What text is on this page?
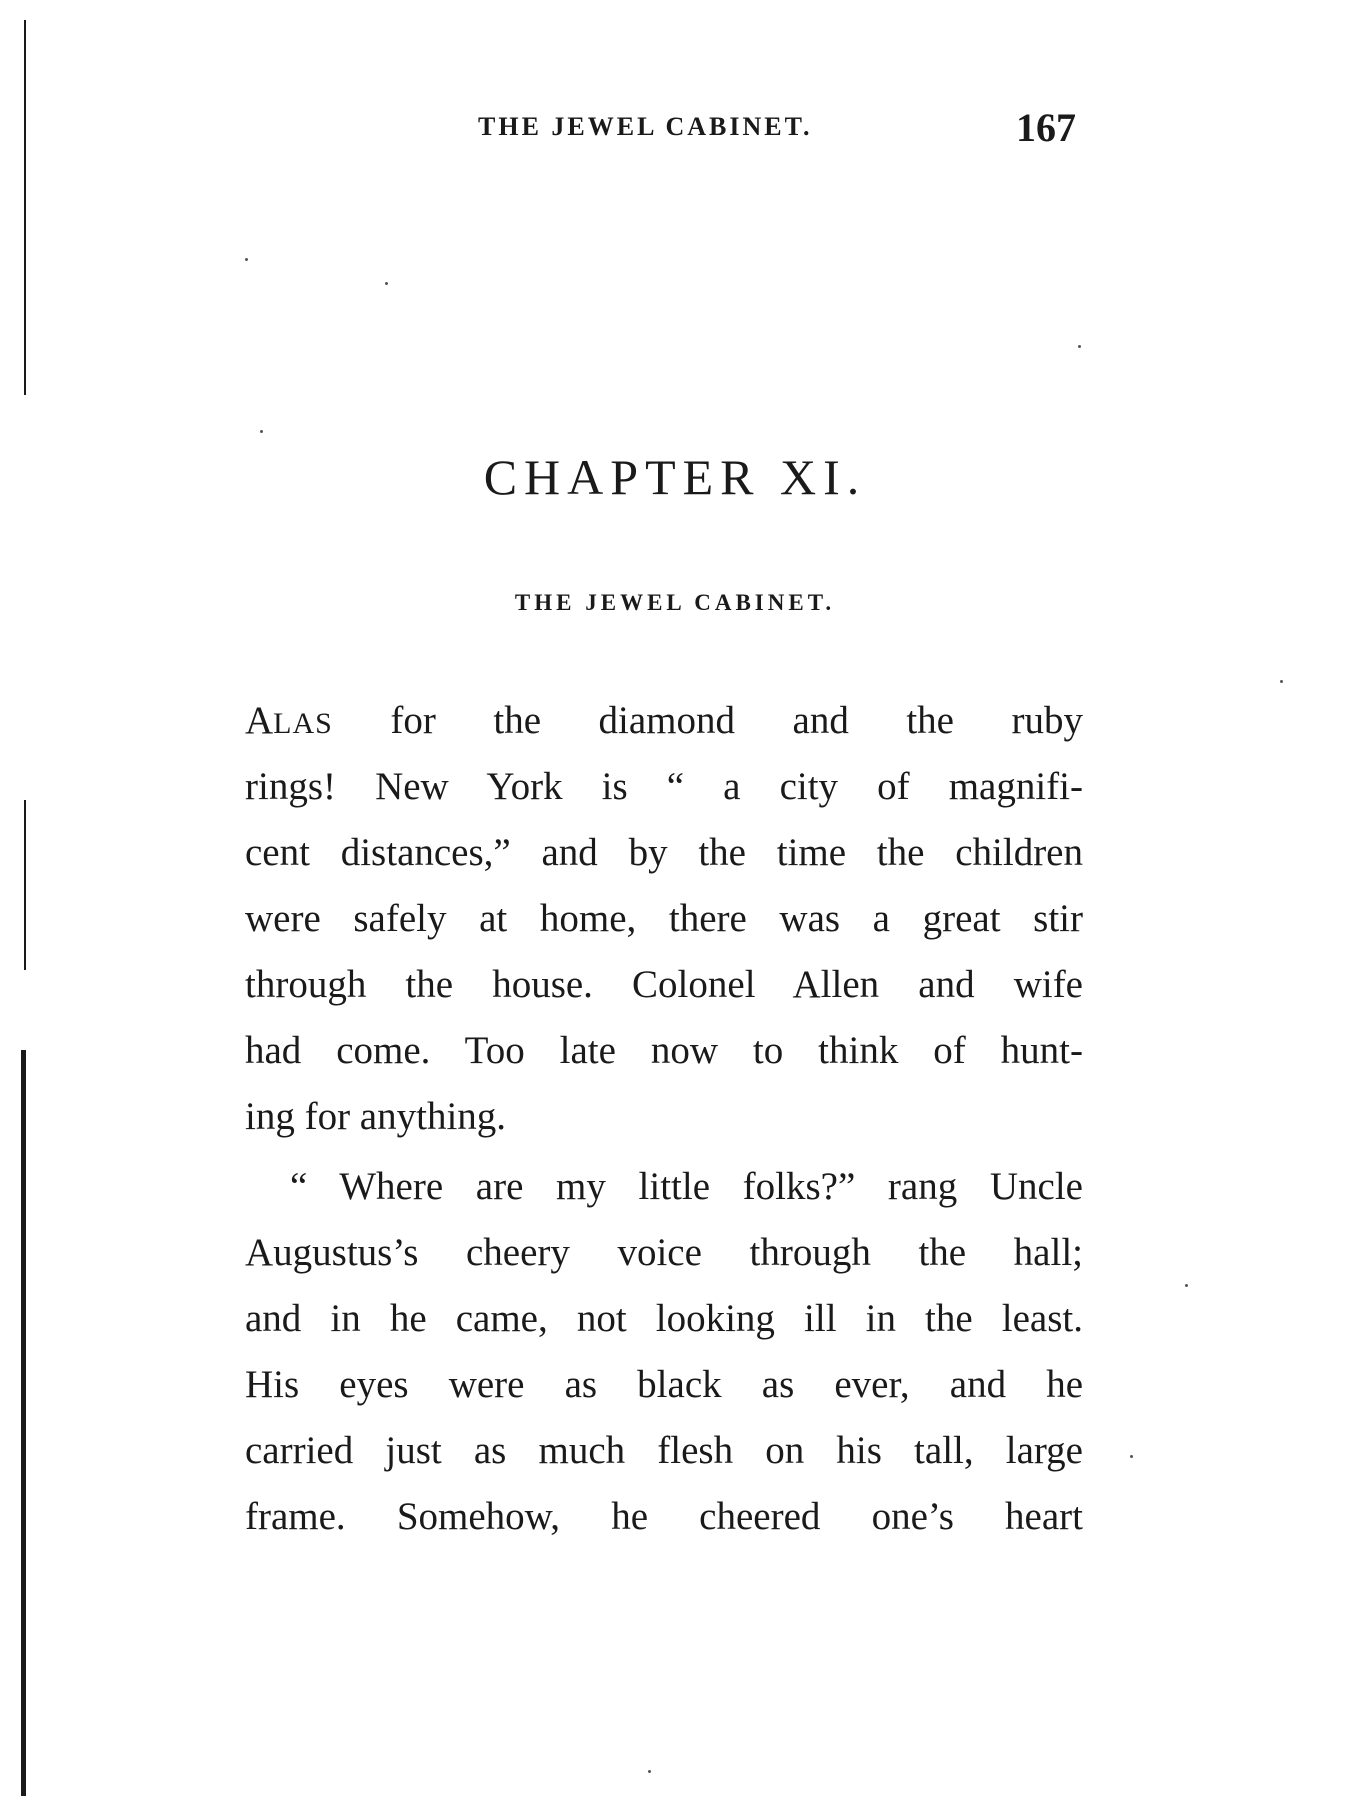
THE JEWEL CABINET.	167
CHAPTER XI.
THE JEWEL CABINET.
ALAS for the diamond and the ruby
rings! New York is “ a city of magnifi-
cent distances,” and by the time the children
were safely at home, there was a great stir
through the house. Colonel Allen and wife
had come. Too late now to think of hunt-
ing for anything.
“ Where are my little folks?” rang Uncle
Augustus’s cheery voice through the hall;
and in he came, not looking ill in the least.
His eyes were as black as ever, and he
carried just as much flesh on his tall, large
frame. Somehow, he cheered one’s heart
